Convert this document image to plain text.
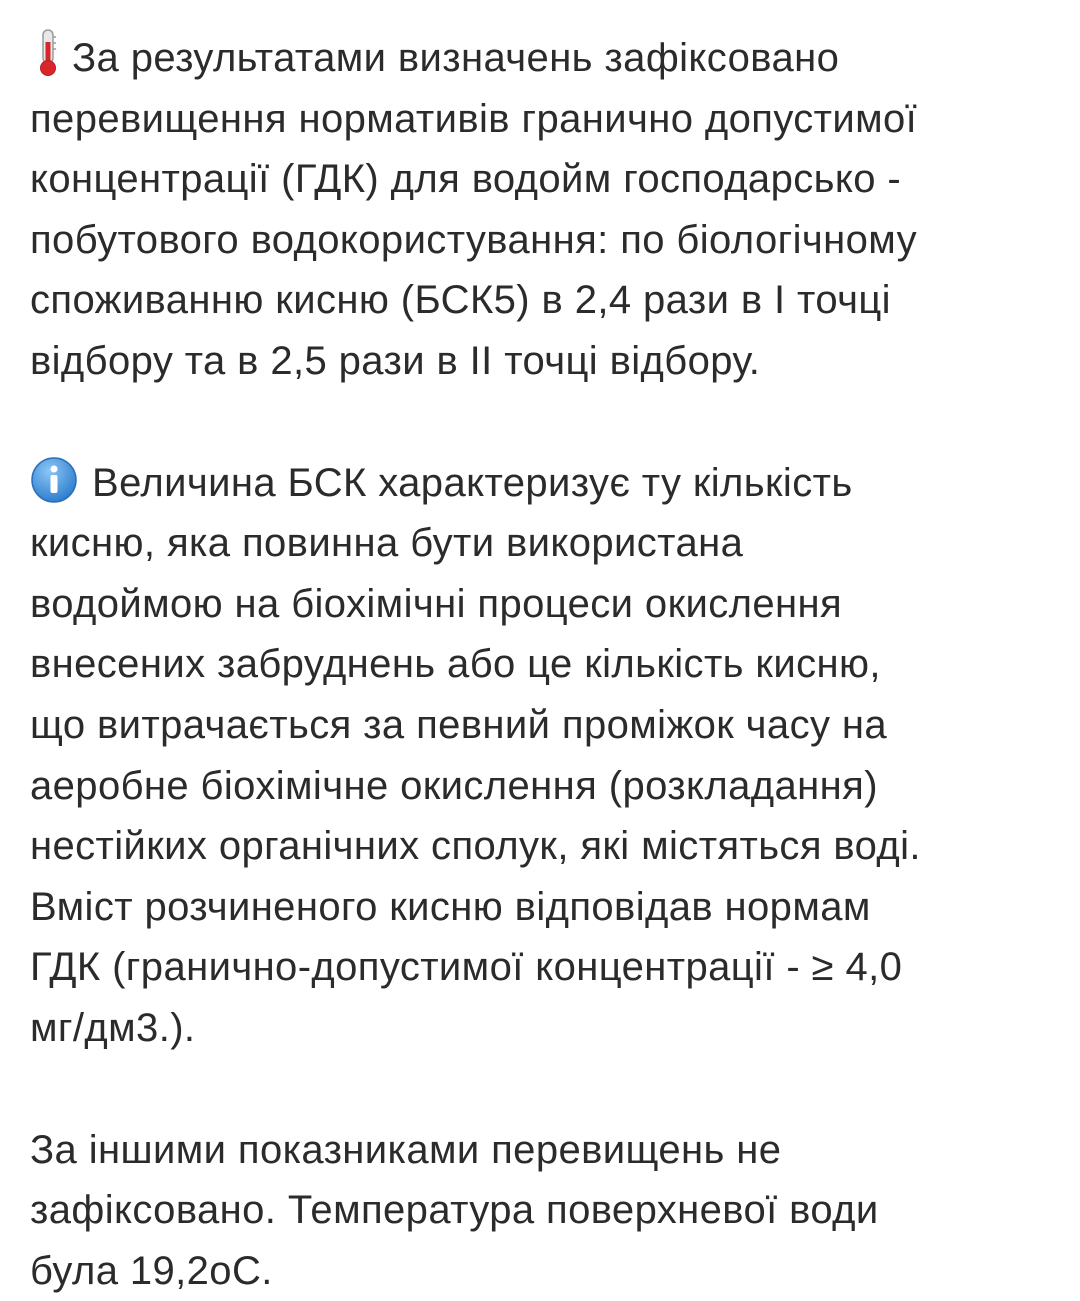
За результатами визначень зафіксовано
перевищення нормативів гранично допустимої
концентрації (ГДК) для водойм господарсько -
побутового водокористування: по біологічному
споживанню кисню (БСК5) в 2,4 рази в І точці
відбору та в 2,5 рази в ІІ точці відбору.

Величина БСК характеризує ту кількість
кисню, яка повинна бути використана
водоймою на біохімічні процеси окислення
внесених забруднень або це кількість кисню,
що витрачається за певний проміжок часу на
аеробне біохімічне окислення (розкладання)
нестійких органічних сполук, які містяться воді.
Вміст розчиненого кисню відповідав нормам
ГДК (гранично-допустимої концентрації - ≥ 4,0
мг/дм3.).

За іншими показниками перевищень не
зафіксовано. Температура поверхневої води
була 19,2оС.
